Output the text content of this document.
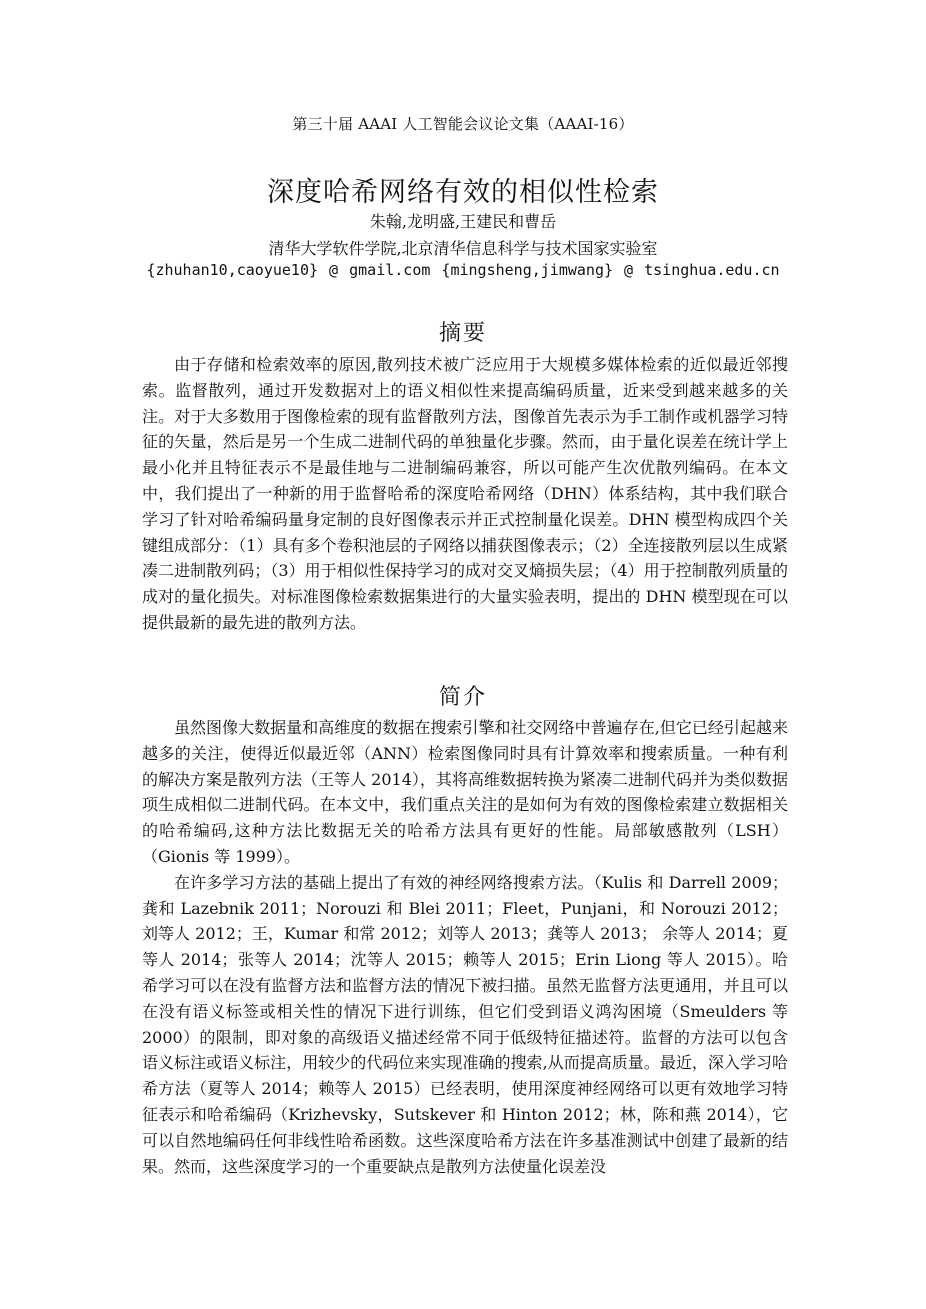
第三十届 AAAI 人工智能会议论文集（AAAI-16）
深度哈希网络有效的相似性检索
朱翰,龙明盛,王建民和曹岳
清华大学软件学院,北京清华信息科学与技术国家实验室
{zhuhan10,caoyue10} @ gmail.com {mingsheng,jimwang} @ tsinghua.edu.cn
摘要

由于存储和检索效率的原因,散列技术被广泛应用于大规模多媒体检索的近似最近邻搜索。监督散列，通过开发数据对上的语义相似性来提高编码质量，近来受到越来越多的关注。对于大多数用于图像检索的现有监督散列方法，图像首先表示为手工制作或机器学习特征的矢量，然后是另一个生成二进制代码的单独量化步骤。然而，由于量化误差在统计学上最小化并且特征表示不是最佳地与二进制编码兼容，所以可能产生次优散列编码。在本文中，我们提出了一种新的用于监督哈希的深度哈希网络（DHN）体系结构，其中我们联合学习了针对哈希编码量身定制的良好图像表示并正式控制量化误差。DHN 模型构成四个关键组成部分：（1）具有多个卷积池层的子网络以捕获图像表示；（2）全连接散列层以生成紧凑二进制散列码；（3）用于相似性保持学习的成对交叉熵损失层；（4）用于控制散列质量的成对的量化损失。对标准图像检索数据集进行的大量实验表明，提出的 DHN 模型现在可以提供最新的最先进的散列方法。

简介

虽然图像大数据量和高维度的数据在搜索引擎和社交网络中普遍存在,但它已经引起越来越多的关注，使得近似最近邻（ANN）检索图像同时具有计算效率和搜索质量。一种有利的解决方案是散列方法（王等人 2014），其将高维数据转换为紧凑二进制代码并为类似数据项生成相似二进制代码。在本文中，我们重点关注的是如何为有效的图像检索建立数据相关的哈希编码,这种方法比数据无关的哈希方法具有更好的性能。局部敏感散列（LSH）（Gionis 等 1999）。

在许多学习方法的基础上提出了有效的神经网络搜索方法。（Kulis 和 Darrell 2009；龚和 Lazebnik 2011；Norouzi 和 Blei 2011；Fleet，Punjani，和 Norouzi 2012；刘等人 2012；王，Kumar 和常 2012；刘等人 2013；龚等人 2013； 余等人 2014；夏等人 2014；张等人 2014；沈等人 2015；赖等人 2015；Erin Liong 等人 2015）。哈希学习可以在没有监督方法和监督方法的情况下被扫描。虽然无监督方法更通用，并且可以在没有语义标签或相关性的情况下进行训练，但它们受到语义鸿沟困境（Smeulders 等 2000）的限制，即对象的高级语义描述经常不同于低级特征描述符。监督的方法可以包含语义标注或语义标注，用较少的代码位来实现准确的搜索,从而提高质量。最近，深入学习哈希方法（夏等人 2014；赖等人 2015）已经表明，使用深度神经网络可以更有效地学习特征表示和哈希编码（Krizhevsky，Sutskever 和 Hinton 2012；林，陈和燕 2014），它可以自然地编码任何非线性哈希函数。这些深度哈希方法在许多基准测试中创建了最新的结果。然而，这些深度学习的一个重要缺点是散列方法使量化误差没
